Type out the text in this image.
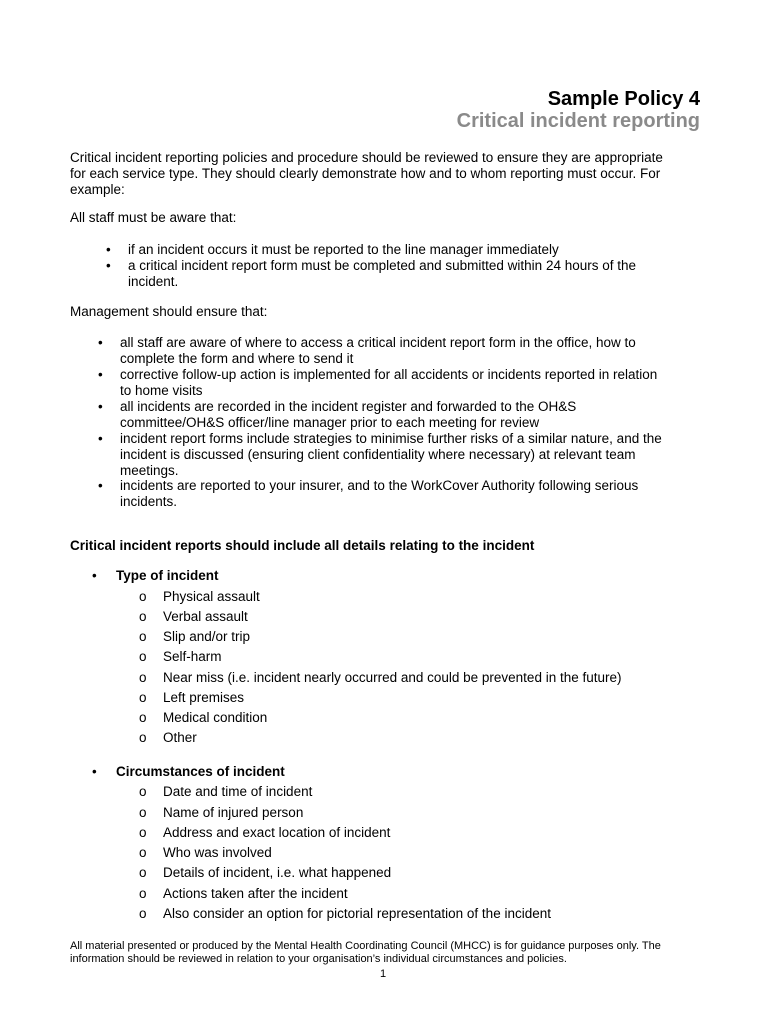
Sample Policy 4
Critical incident reporting

Critical incident reporting policies and procedure should be reviewed to ensure they are appropriate
for each service type. They should clearly demonstrate how and to whom reporting must occur. For
example:

All staff must be aware that:

• if an incident occurs it must be reported to the line manager immediately

• a critical incident report form must be completed and submitted within 24 hours of the
incident.

Management should ensure that:

• all staff are aware of where to access a critical incident report form in the office, how to
complete the form and where to send it

• corrective follow-up action is implemented for all accidents or incidents reported in relation
to home visits

• all incidents are recorded in the incident register and forwarded to the OH&S
committee/OH&S officer/line manager prior to each meeting for review

• incident report forms include strategies to minimise further risks of a similar nature, and the
incident is discussed (ensuring client confidentiality where necessary) at relevant team
meetings.

• incidents are reported to your insurer, and to the WorkCover Authority following serious
incidents.

Critical incident reports should include all details relating to the incident

• Type of incident

o Physical assault

o Verbal assault

o Slip and/or trip

o Self-harm

o Near miss (i.e. incident nearly occurred and could be prevented in the future)

o Left premises

o Medical condition

o Other

• Circumstances of incident

o Date and time of incident

o Name of injured person

o Address and exact location of incident

o Who was involved

o Details of incident, i.e. what happened

o Actions taken after the incident

o Also consider an option for pictorial representation of the incident

All material presented or produced by the Mental Health Coordinating Council (MHCC) is for guidance purposes only. The
information should be reviewed in relation to your organisation’s individual circumstances and policies.

1
